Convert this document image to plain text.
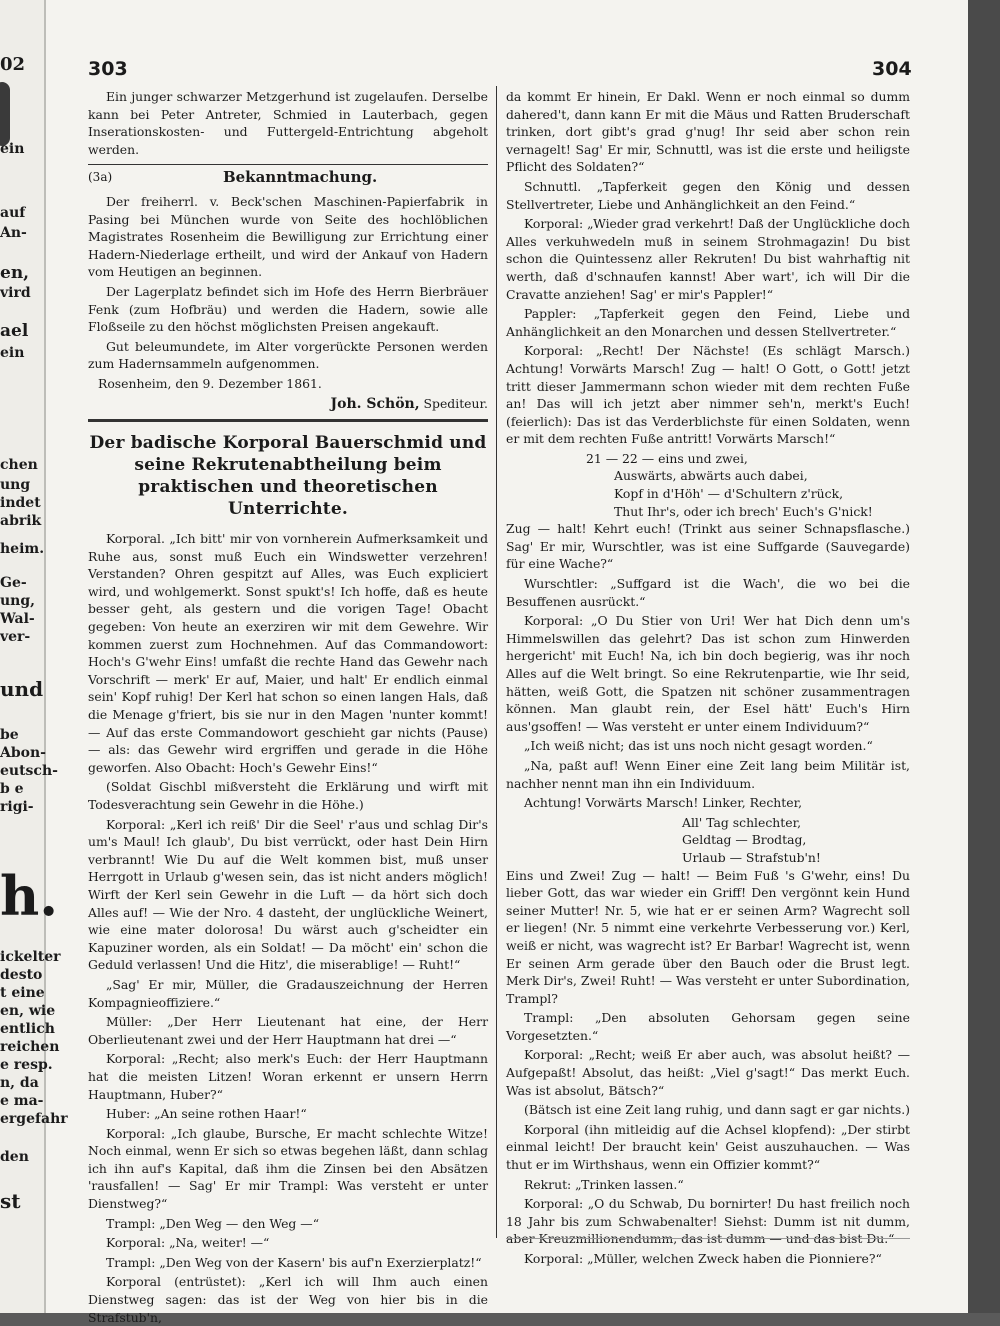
02
ein
auf
An-
en,
vird
ael
ein
chen
ung
indet
abrik
heim.
Ge-
ung,
Wal-
ver-
und
be
Abon-
eutsch-
b e
rigi-
h.
ickelter
desto
t eine
en, wie
entlich
reichen
e resp.
n, da
e ma-
ergefahr
den
st
303	304

Ein junger schwarzer Metzgerhund ist zugelaufen. Derselbe kann bei Peter Antreter, Schmied in Lauterbach, gegen Inserationskosten- und Futtergeld-Entrichtung abgeholt werden.

(3a)	Bekanntmachung.

Der freiherrl. v. Beck'schen Maschinen-Papierfabrik in Pasing bei München wurde von Seite des hochlöblichen Magistrates Rosenheim die Bewilligung zur Errichtung einer Hadern-Niederlage ertheilt, und wird der Ankauf von Hadern vom Heutigen an beginnen.

Der Lagerplatz befindet sich im Hofe des Herrn Bierbräuer Fenk (zum Hofbräu) und werden die Hadern, sowie alle Floßseile zu den höchst möglichsten Preisen angekauft.

Gut beleumundete, im Alter vorgerückte Personen werden zum Hadernsammeln aufgenommen.

Rosenheim, den 9. Dezember 1861.

Joh. Schön, Spediteur.
Der badische Korporal Bauerschmid und seine Rekrutenabtheilung beim praktischen und theoretischen Unterrichte.

Korporal. „Ich bitt' mir von vornherein Aufmerksamkeit und Ruhe aus, sonst muß Euch ein Windswetter verzehren! Verstanden? Ohren gespitzt auf Alles, was Euch expliciert wird, und wohlgemerkt. Sonst spukt's! Ich hoffe, daß es heute besser geht, als gestern und die vorigen Tage! Obacht gegeben: Von heute an exerziren wir mit dem Gewehre. Wir kommen zuerst zum Hochnehmen. Auf das Commandowort: Hoch's G'wehr Eins! umfaßt die rechte Hand das Gewehr nach Vorschrift — merk' Er auf, Maier, und halt' Er endlich einmal sein' Kopf ruhig! Der Kerl hat schon so einen langen Hals, daß die Menage g'friert, bis sie nur in den Magen 'nunter kommt! — Auf das erste Commandowort geschieht gar nichts (Pause) — als: das Gewehr wird ergriffen und gerade in die Höhe geworfen. Also Obacht: Hoch's Gewehr Eins!“

(Soldat Gischbl mißversteht die Erklärung und wirft mit Todesverachtung sein Gewehr in die Höhe.)

Korporal: „Kerl ich reiß' Dir die Seel' r'aus und schlag Dir's um's Maul! Ich glaub', Du bist verrückt, oder hast Dein Hirn verbrannt! Wie Du auf die Welt kommen bist, muß unser Herrgott in Urlaub g'wesen sein, das ist nicht anders möglich! Wirft der Kerl sein Gewehr in die Luft — da hört sich doch Alles auf! — Wie der Nro. 4 dasteht, der unglückliche Weinert, wie eine mater dolorosa! Du wärst auch g'scheidter ein Kapuziner worden, als ein Soldat! — Da möcht' ein' schon die Geduld verlassen! Und die Hitz', die miserablige! — Ruht!“

„Sag' Er mir, Müller, die Gradauszeichnung der Herren Kompagnieoffiziere.“

Müller: „Der Herr Lieutenant hat eine, der Herr Oberlieutenant zwei und der Herr Hauptmann hat drei —“

Korporal: „Recht; also merk's Euch: der Herr Hauptmann hat die meisten Litzen! Woran erkennt er unsern Herrn Hauptmann, Huber?“

Huber: „An seine rothen Haar!“

Korporal: „Ich glaube, Bursche, Er macht schlechte Witze! Noch einmal, wenn Er sich so etwas begehen läßt, dann schlag ich ihn auf's Kapital, daß ihm die Zinsen bei den Absätzen 'rausfallen! — Sag' Er mir Trampl: Was versteht er unter Dienstweg?“

Trampl: „Den Weg — den Weg —“

Korporal: „Na, weiter! —“

Trampl: „Den Weg von der Kasern' bis auf'n Exerzierplatz!“

Korporal (entrüstet): „Kerl ich will Ihm auch einen Dienstweg sagen: das ist der Weg von hier bis in die Strafstub'n,

da kommt Er hinein, Er Dakl. Wenn er noch einmal so dumm dahered't, dann kann Er mit die Mäus und Ratten Bruderschaft trinken, dort gibt's grad g'nug! Ihr seid aber schon rein vernagelt! Sag' Er mir, Schnuttl, was ist die erste und heiligste Pflicht des Soldaten?“

Schnuttl. „Tapferkeit gegen den König und dessen Stellvertreter, Liebe und Anhänglichkeit an den Feind.“

Korporal: „Wieder grad verkehrt! Daß der Unglückliche doch Alles verkuhwedeln muß in seinem Strohmagazin! Du bist schon die Quintessenz aller Rekruten! Du bist wahrhaftig nit werth, daß d'schnaufen kannst! Aber wart', ich will Dir die Cravatte anziehen! Sag' er mir's Pappler!“

Pappler: „Tapferkeit gegen den Feind, Liebe und Anhänglichkeit an den Monarchen und dessen Stellvertreter.“

Korporal: „Recht! Der Nächste! (Es schlägt Marsch.) Achtung! Vorwärts Marsch! Zug — halt! O Gott, o Gott! jetzt tritt dieser Jammermann schon wieder mit dem rechten Fuße an! Das will ich jetzt aber nimmer seh'n, merkt's Euch! (feierlich): Das ist das Verderblichste für einen Soldaten, wenn er mit dem rechten Fuße antritt! Vorwärts Marsch!“

21 — 22 — eins und zwei,

Auswärts, abwärts auch dabei,

Kopf in d'Höh' — d'Schultern z'rück,

Thut Ihr's, oder ich brech' Euch's G'nick!

Zug — halt! Kehrt euch! (Trinkt aus seiner Schnapsflasche.) Sag' Er mir, Wurschtler, was ist eine Suffgarde (Sauvegarde) für eine Wache?“

Wurschtler: „Suffgard ist die Wach', die wo bei die Besuffenen ausrückt.“

Korporal: „O Du Stier von Uri! Wer hat Dich denn um's Himmelswillen das gelehrt? Das ist schon zum Hinwerden hergericht' mit Euch! Na, ich bin doch begierig, was ihr noch Alles auf die Welt bringt. So eine Rekrutenpartie, wie Ihr seid, hätten, weiß Gott, die Spatzen nit schöner zusammentragen können. Man glaubt rein, der Esel hätt' Euch's Hirn aus'gsoffen! — Was versteht er unter einem Individuum?“

„Ich weiß nicht; das ist uns noch nicht gesagt worden.“

„Na, paßt auf! Wenn Einer eine Zeit lang beim Militär ist, nachher nennt man ihn ein Individuum.

Achtung! Vorwärts Marsch! Linker, Rechter,

All' Tag schlechter,

Geldtag — Brodtag,

Urlaub — Strafstub'n!

Eins und Zwei! Zug — halt! — Beim Fuß 's G'wehr, eins! Du lieber Gott, das war wieder ein Griff! Den vergönnt kein Hund seiner Mutter! Nr. 5, wie hat er er seinen Arm? Wagrecht soll er liegen! (Nr. 5 nimmt eine verkehrte Verbesserung vor.) Kerl, weiß er nicht, was wagrecht ist? Er Barbar! Wagrecht ist, wenn Er seinen Arm gerade über den Bauch oder die Brust legt. Merk Dir's, Zwei! Ruht! — Was versteht er unter Subordination, Trampl?

Trampl: „Den absoluten Gehorsam gegen seine Vorgesetzten.“

Korporal: „Recht; weiß Er aber auch, was absolut heißt? — Aufgepaßt! Absolut, das heißt: „Viel g'sagt!“ Das merkt Euch. Was ist absolut, Bätsch?“

(Bätsch ist eine Zeit lang ruhig, und dann sagt er gar nichts.)

Korporal (ihn mitleidig auf die Achsel klopfend): „Der stirbt einmal leicht! Der braucht kein' Geist auszuhauchen. — Was thut er im Wirthshaus, wenn ein Offizier kommt?“

Rekrut: „Trinken lassen.“

Korporal: „O du Schwab, Du bornirter! Du hast freilich noch 18 Jahr bis zum Schwabenalter! Siehst: Dumm ist nit dumm,

Korporal: „Müller, welchen Zweck haben die Pionniere?“
